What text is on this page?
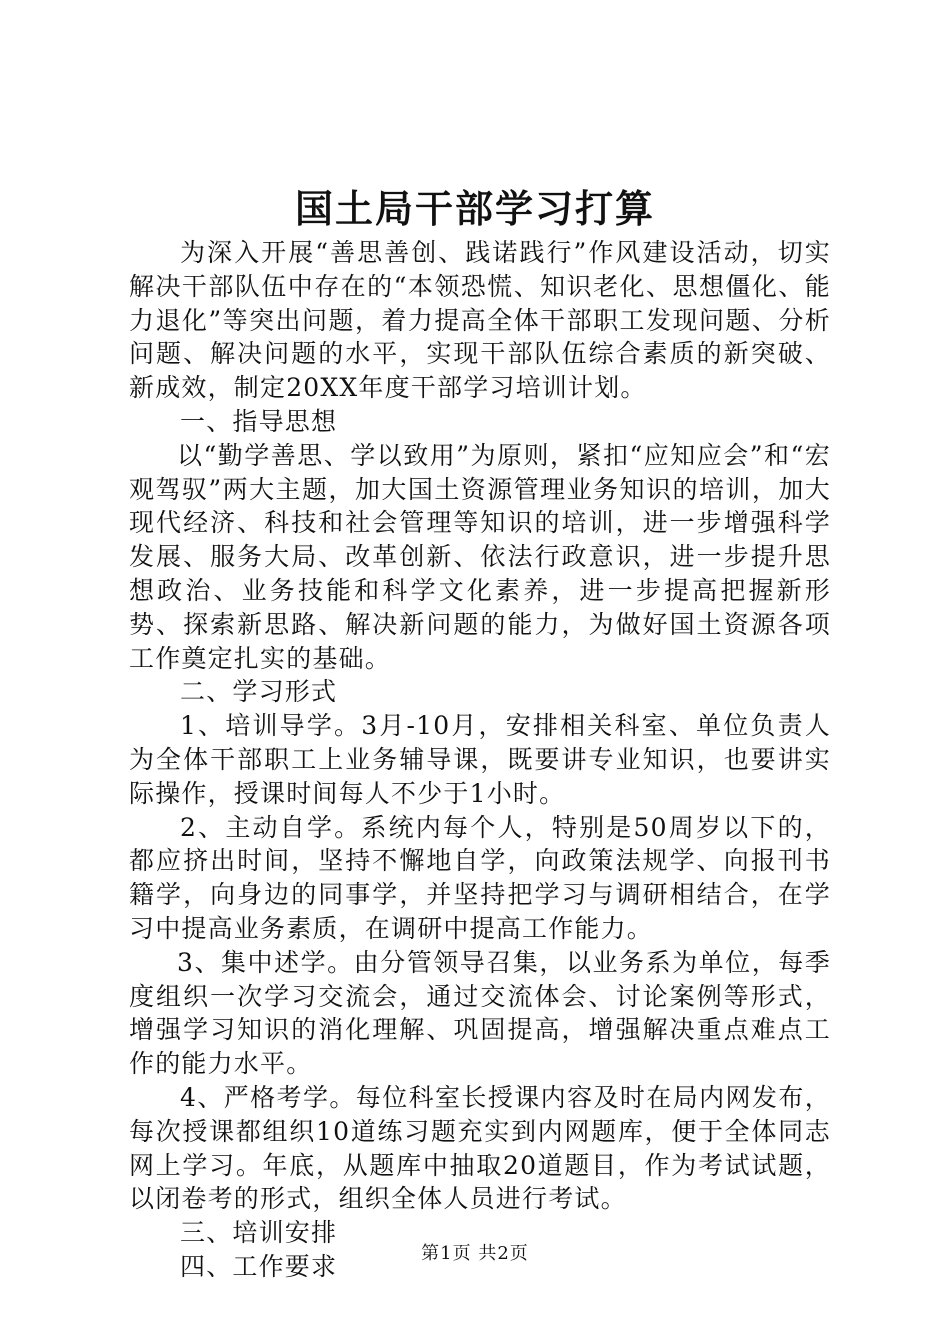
国土局干部学习打算

为深入开展“善思善创、践诺践行”作风建设活动，切实解决干部队伍中存在的“本领恐慌、知识老化、思想僵化、能力退化”等突出问题，着力提高全体干部职工发现问题、分析问题、解决问题的水平，实现干部队伍综合素质的新突破、新成效，制定20XX年度干部学习培训计划。

一、指导思想

以“勤学善思、学以致用”为原则，紧扣“应知应会”和“宏观驾驭”两大主题，加大国土资源管理业务知识的培训，加大现代经济、科技和社会管理等知识的培训，进一步增强科学发展、服务大局、改革创新、依法行政意识，进一步提升思想政治、业务技能和科学文化素养，进一步提高把握新形势、探索新思路、解决新问题的能力，为做好国土资源各项工作奠定扎实的基础。

二、学习形式

1、培训导学。3月-10月，安排相关科室、单位负责人为全体干部职工上业务辅导课，既要讲专业知识，也要讲实际操作，授课时间每人不少于1小时。

2、主动自学。系统内每个人，特别是50周岁以下的，都应挤出时间，坚持不懈地自学，向政策法规学、向报刊书籍学，向身边的同事学，并坚持把学习与调研相结合，在学习中提高业务素质，在调研中提高工作能力。

3、集中述学。由分管领导召集，以业务系为单位，每季度组织一次学习交流会，通过交流体会、讨论案例等形式，增强学习知识的消化理解、巩固提高，增强解决重点难点工作的能力水平。

4、严格考学。每位科室长授课内容及时在局内网发布，每次授课都组织10道练习题充实到内网题库，便于全体同志网上学习。年底，从题库中抽取20道题目，作为考试试题，以闭卷考的形式，组织全体人员进行考试。

三、培训安排

四、工作要求	第1页 共2页
